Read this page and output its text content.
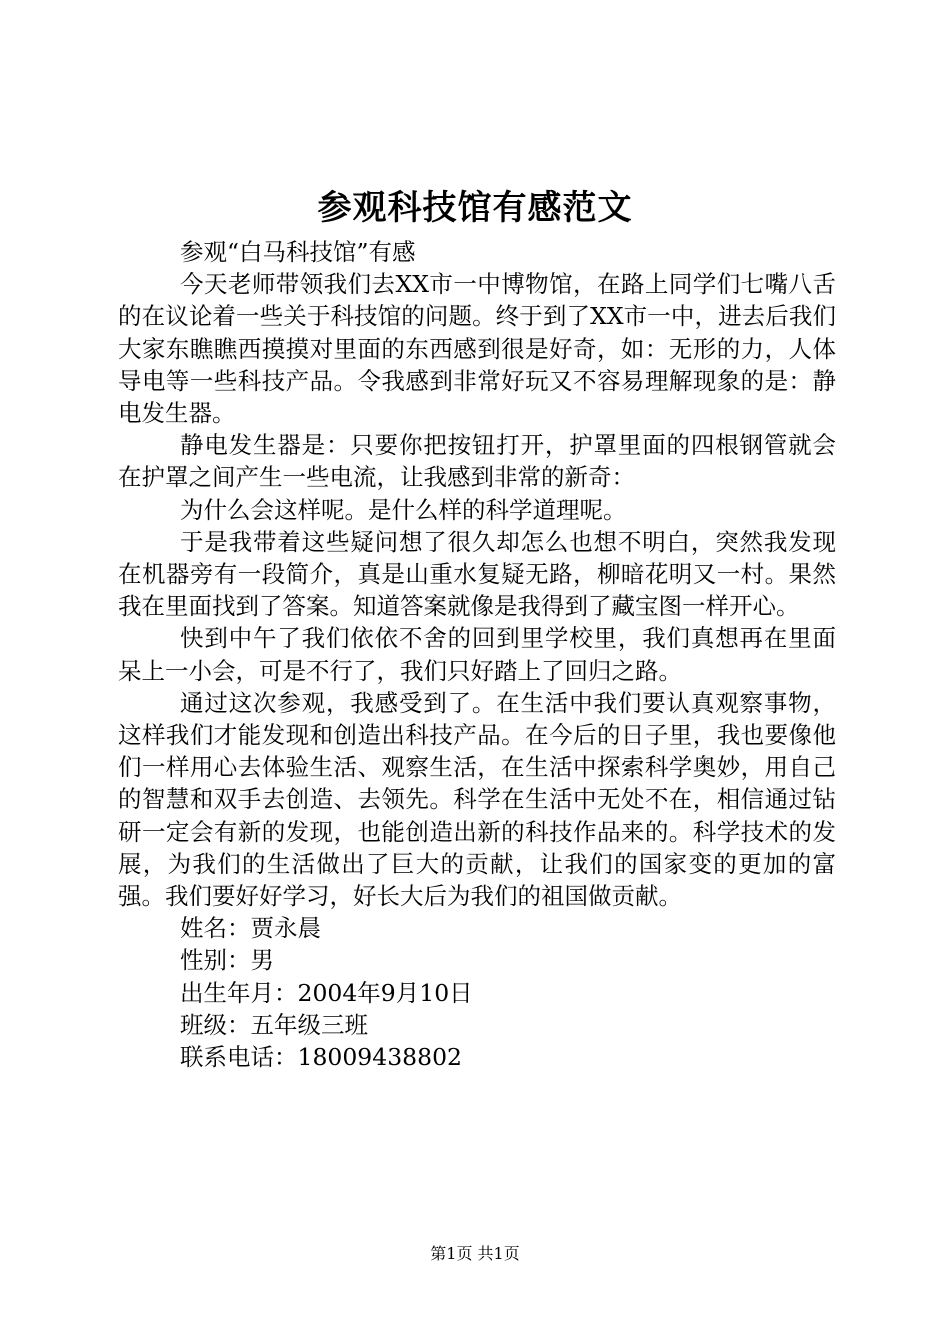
参观科技馆有感范文

参观“白马科技馆”有感

今天老师带领我们去XX市一中博物馆，在路上同学们七嘴八舌的在议论着一些关于科技馆的问题。终于到了XX市一中，进去后我们大家东瞧瞧西摸摸对里面的东西感到很是好奇，如：无形的力，人体导电等一些科技产品。令我感到非常好玩又不容易理解现象的是：静电发生器。

静电发生器是：只要你把按钮打开，护罩里面的四根钢管就会在护罩之间产生一些电流，让我感到非常的新奇：

为什么会这样呢。是什么样的科学道理呢。

于是我带着这些疑问想了很久却怎么也想不明白，突然我发现在机器旁有一段简介，真是山重水复疑无路，柳暗花明又一村。果然我在里面找到了答案。知道答案就像是我得到了藏宝图一样开心。

快到中午了我们依依不舍的回到里学校里，我们真想再在里面呆上一小会，可是不行了，我们只好踏上了回归之路。

通过这次参观，我感受到了。在生活中我们要认真观察事物，这样我们才能发现和创造出科技产品。在今后的日子里，我也要像他们一样用心去体验生活、观察生活，在生活中探索科学奥妙，用自己的智慧和双手去创造、去领先。科学在生活中无处不在，相信通过钻研一定会有新的发现，也能创造出新的科技作品来的。科学技术的发展，为我们的生活做出了巨大的贡献，让我们的国家变的更加的富强。我们要好好学习，好长大后为我们的祖国做贡献。

姓名：贾永晨

性别：男

出生年月：2004年9月10日

班级：五年级三班

联系电话：18009438802

第1页 共1页
